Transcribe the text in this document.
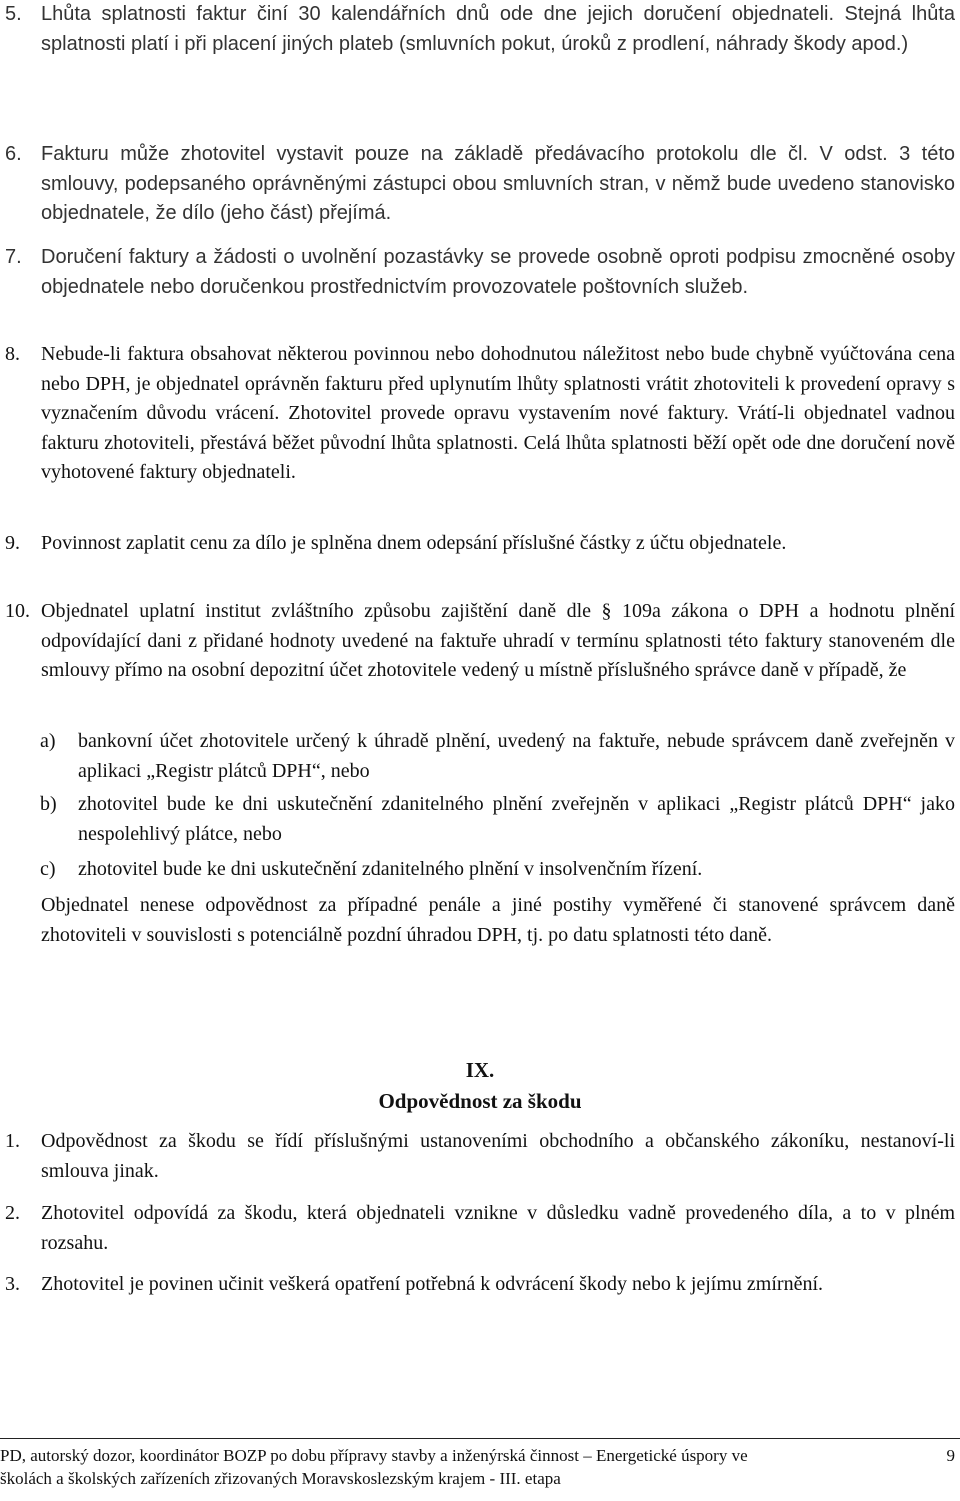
5. Lhůta splatnosti faktur činí 30 kalendářních dnů ode dne jejich doručení objednateli. Stejná lhůta splatnosti platí i při placení jiných plateb (smluvních pokut, úroků z prodlení, náhrady škody apod.)
6. Fakturu může zhotovitel vystavit pouze na základě předávacího protokolu dle čl. V odst. 3 této smlouvy, podepsaného oprávněnými zástupci obou smluvních stran, v němž bude uvedeno stanovisko objednatele, že dílo (jeho část) přejímá.
7. Doručení faktury a žádosti o uvolnění pozastávky se provede osobně oproti podpisu zmocněné osoby objednatele nebo doručenkou prostřednictvím provozovatele poštovních služeb.
8.	Nebude-li faktura obsahovat některou povinnou nebo dohodnutou náležitost nebo bude chybně vyúčtována cena nebo DPH, je objednatel oprávněn fakturu před uplynutím lhůty splatnosti vrátit zhotoviteli k provedení opravy s vyznačením důvodu vrácení. Zhotovitel provede opravu vystavením nové faktury. Vrátí-li objednatel vadnou fakturu zhotoviteli, přestává běžet původní lhůta splatnosti. Celá lhůta splatnosti běží opět ode dne doručení nově vyhotovené faktury objednateli.
9.	Povinnost zaplatit cenu za dílo je splněna dnem odepsání příslušné částky z účtu objednatele.
10. Objednatel uplatní institut zvláštního způsobu zajištění daně dle § 109a zákona o DPH a hodnotu plnění odpovídající dani z přidané hodnoty uvedené na faktuře uhradí v termínu splatnosti této faktury stanoveném dle smlouvy přímo na osobní depozitní účet zhotovitele vedený u místně příslušného správce daně v případě, že
a)	bankovní účet zhotovitele určený k úhradě plnění, uvedený na faktuře, nebude správcem daně zveřejněn v aplikaci „Registr plátců DPH“, nebo
b)	zhotovitel bude ke dni uskutečnění zdanitelného plnění zveřejněn v aplikaci „Registr plátců DPH“ jako nespolehlivý plátce, nebo
c)	zhotovitel bude ke dni uskutečnění zdanitelného plnění v insolvenčním řízení.
Objednatel nenese odpovědnost za případné penále a jiné postihy vyměřené či stanovené správcem daně zhotoviteli v souvislosti s potenciálně pozdní úhradou DPH, tj. po datu splatnosti této daně.
IX.
Odpovědnost za škodu
1.	Odpovědnost za škodu se řídí příslušnými ustanoveními obchodního a občanského zákoníku, nestanoví-li smlouva jinak.
2.	Zhotovitel odpovídá za škodu, která objednateli vznikne v důsledku vadně provedeného díla, a to v plném rozsahu.
3.	Zhotovitel je povinen učinit veškerá opatření potřebná k odvrácení škody nebo k jejímu zmírnění.
PD, autorský dozor, koordinátor BOZP po dobu přípravy stavby a inženýrská činnost – Energetické úspory ve
školách a školských zařízeních zřizovaných Moravskoslezským krajem - III. etapa
9
